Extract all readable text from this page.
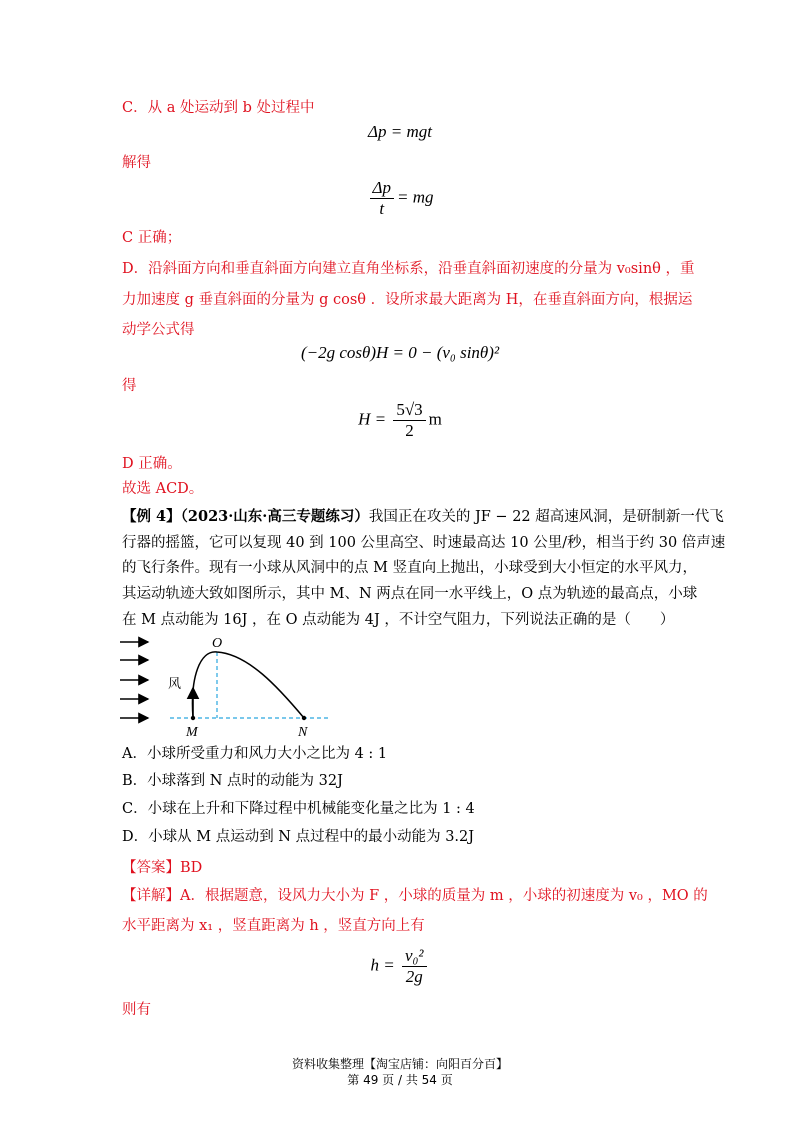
C．从 a 处运动到 b 处过程中
Δp = mgt
解得
$\frac{\Delta p}{t}$ = mg
C 正确；
D．沿斜面方向和垂直斜面方向建立直角坐标系，沿垂直斜面初速度的分量为 v₀sinθ ，重
力加速度 g 垂直斜面的分量为 g cosθ ．设所求最大距离为 H，在垂直斜面方向，根据运
动学公式得
(−2g cosθ)H = 0 − (v₀ sinθ)²
得
$H = \frac{5√3}{2}$ m
D 正确。
故选 ACD。
【例 4】（2023·山东·高三专题练习）我国正在攻关的 JF − 22 超高速风洞，是研制新一代飞
行器的摇篮，它可以复现 40 到 100 公里高空、时速最高达 10 公里/秒，相当于约 30 倍声速
的飞行条件。现有一小球从风洞中的点 M 竖直向上抛出，小球受到大小恒定的水平风力，
其运动轨迹大致如图所示，其中 M、N 两点在同一水平线上，O 点为轨迹的最高点，小球
在 M 点动能为 16J ，在 O 点动能为 4J ，不计空气阻力，下列说法正确的是（　　）
O
M	N
风
A．小球所受重力和风力大小之比为 4 : 1
B．小球落到 N 点时的动能为 32J
C．小球在上升和下降过程中机械能变化量之比为 1 : 4
D．小球从 M 点运动到 N 点过程中的最小动能为 3.2J
【答案】BD
【详解】A．根据题意，设风力大小为 F ，小球的质量为 m ，小球的初速度为 v₀ ，MO 的
水平距离为 x₁ ，竖直距离为 h ，竖直方向上有
$h = \frac{\text{v₀²}}{2g}$
则有
资料收集整理【淘宝店铺：向阳百分百】
第 49 页 / 共 54 页
